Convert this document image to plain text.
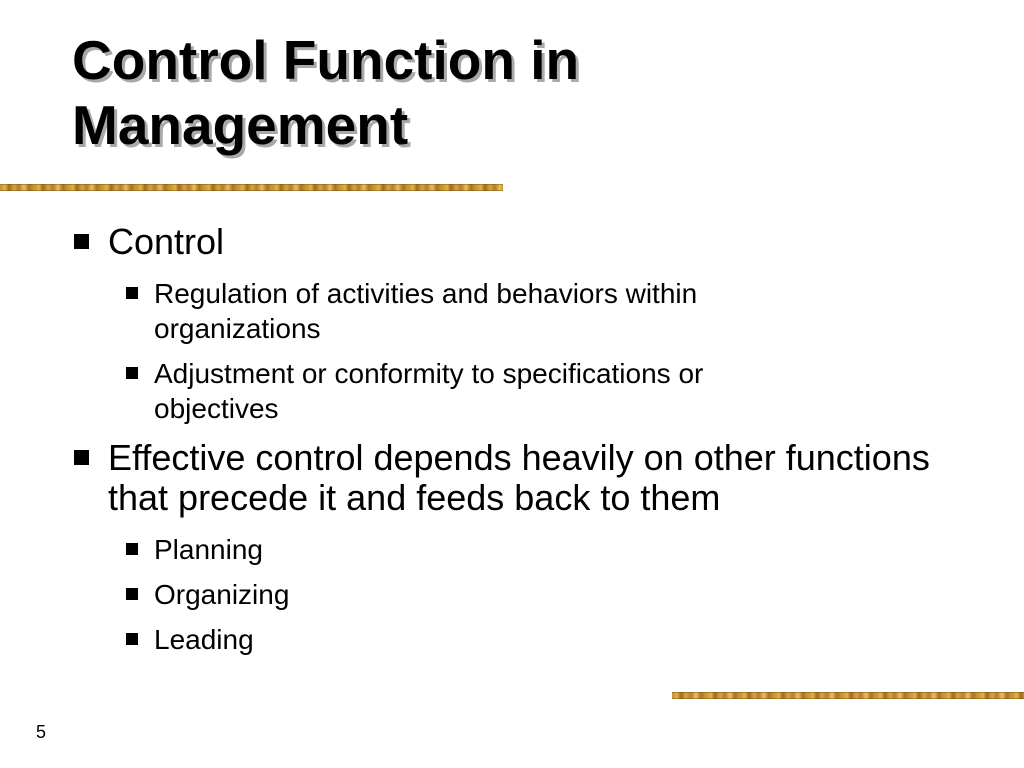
Control Function in
Management
Control
Regulation of activities and behaviors within organizations
Adjustment or conformity to specifications or objectives
Effective control depends heavily on other functions that precede it and feeds back to them
Planning
Organizing
Leading
5
